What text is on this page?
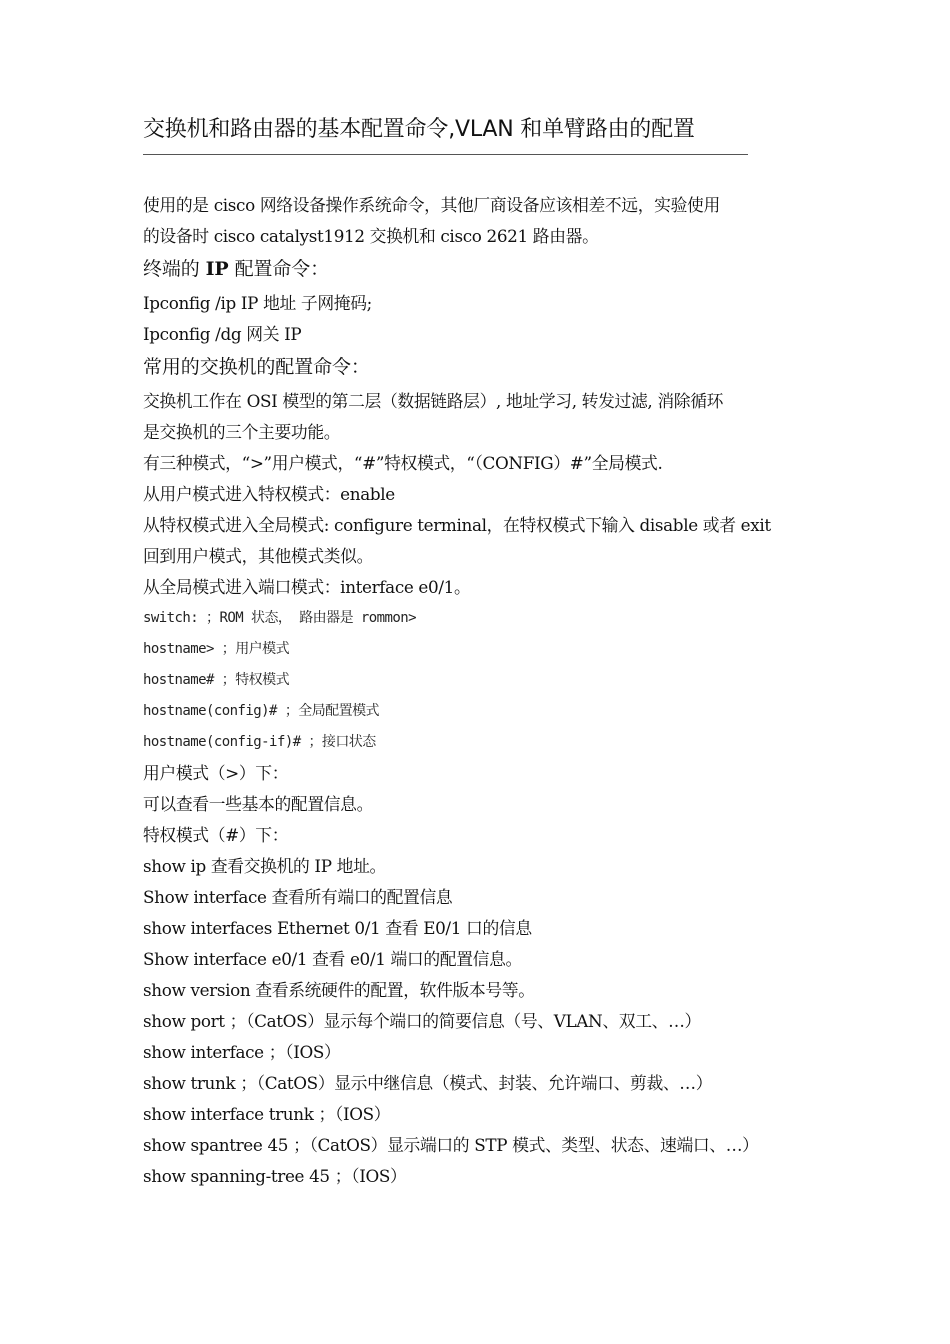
交换机和路由器的基本配置命令,VLAN 和单臂路由的配置
使用的是 cisco 网络设备操作系统命令，其他厂商设备应该相差不远，实验使用
的设备时 cisco catalyst1912 交换机和 cisco 2621 路由器。
终端的 IP 配置命令：
Ipconfig /ip IP 地址 子网掩码;
Ipconfig /dg 网关 IP
常用的交换机的配置命令：
交换机工作在 OSI 模型的第二层（数据链路层）, 地址学习, 转发过滤, 消除循环
是交换机的三个主要功能。
有三种模式，“>”用户模式，“#”特权模式，“（CONFIG）#”全局模式.
从用户模式进入特权模式：enable
从特权模式进入全局模式: configure terminal，在特权模式下输入 disable 或者 exit
回到用户模式，其他模式类似。
从全局模式进入端口模式：interface e0/1。
switch: ；ROM 状态， 路由器是 rommon>
hostname> ；用户模式
hostname# ；特权模式
hostname(config)# ；全局配置模式
hostname(config-if)# ；接口状态
用户模式（>）下：
可以查看一些基本的配置信息。
特权模式（#）下：
show ip 查看交换机的 IP 地址。
Show interface 查看所有端口的配置信息
show interfaces Ethernet 0/1 查看 E0/1 口的信息
Show interface e0/1 查看 e0/1 端口的配置信息。
show version 查看系统硬件的配置，软件版本号等。
show port ；（CatOS）显示每个端口的简要信息（号、VLAN、双工、…）
show interface ；（IOS）
show trunk ；（CatOS）显示中继信息（模式、封装、允许端口、剪裁、…）
show interface trunk ；（IOS）
show spantree 45 ；（CatOS）显示端口的 STP 模式、类型、状态、速端口、…）
show spanning-tree 45 ；（IOS）
